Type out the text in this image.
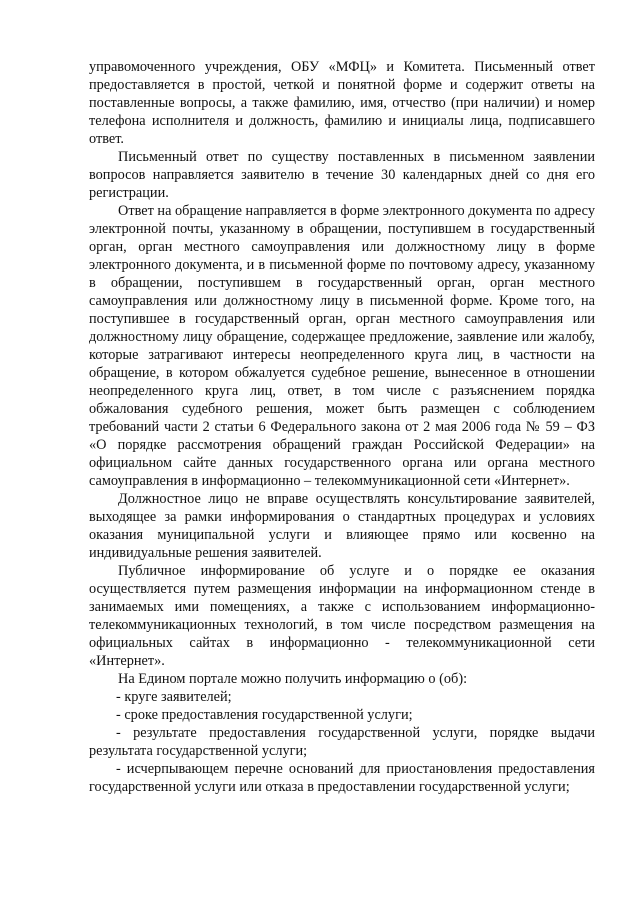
управомоченного учреждения, ОБУ «МФЦ» и Комитета. Письменный ответ предоставляется в простой, четкой и понятной форме и содержит ответы на поставленные вопросы, а также фамилию, имя, отчество (при наличии) и номер телефона исполнителя и должность, фамилию и инициалы лица, подписавшего ответ.

Письменный ответ по существу поставленных в письменном заявлении вопросов направляется заявителю в течение 30 календарных дней со дня его регистрации.

Ответ на обращение направляется в форме электронного документа по адресу электронной почты, указанному в обращении, поступившем в государственный орган, орган местного самоуправления или должностному лицу в форме электронного документа, и в письменной форме по почтовому адресу, указанному в обращении, поступившем в государственный орган, орган местного самоуправления или должностному лицу в письменной форме. Кроме того, на поступившее в государственный орган, орган местного самоуправления или должностному лицу обращение, содержащее предложение, заявление или жалобу, которые затрагивают интересы неопределенного круга лиц, в частности на обращение, в котором обжалуется судебное решение, вынесенное в отношении неопределенного круга лиц, ответ, в том числе с разъяснением порядка обжалования судебного решения, может быть размещен с соблюдением требований части 2 статьи 6 Федерального закона от 2 мая 2006 года № 59 – ФЗ «О порядке рассмотрения обращений граждан Российской Федерации» на официальном сайте данных государственного органа или органа местного самоуправления в информационно – телекоммуникационной сети «Интернет».

Должностное лицо не вправе осуществлять консультирование заявителей, выходящее за рамки информирования о стандартных процедурах и условиях оказания муниципальной услуги и влияющее прямо или косвенно на индивидуальные решения заявителей.

Публичное информирование об услуге и о порядке ее оказания осуществляется путем размещения информации на информационном стенде в занимаемых ими помещениях, а также с использованием информационно-телекоммуникационных технологий, в том числе посредством размещения на официальных сайтах в информационно - телекоммуникационной сети «Интернет».

На Едином портале можно получить информацию о (об):

- круге заявителей;

- сроке предоставления государственной услуги;

- результате предоставления государственной услуги, порядке выдачи результата государственной услуги;

- исчерпывающем перечне оснований для приостановления предоставления государственной услуги или отказа в предоставлении государственной услуги;
